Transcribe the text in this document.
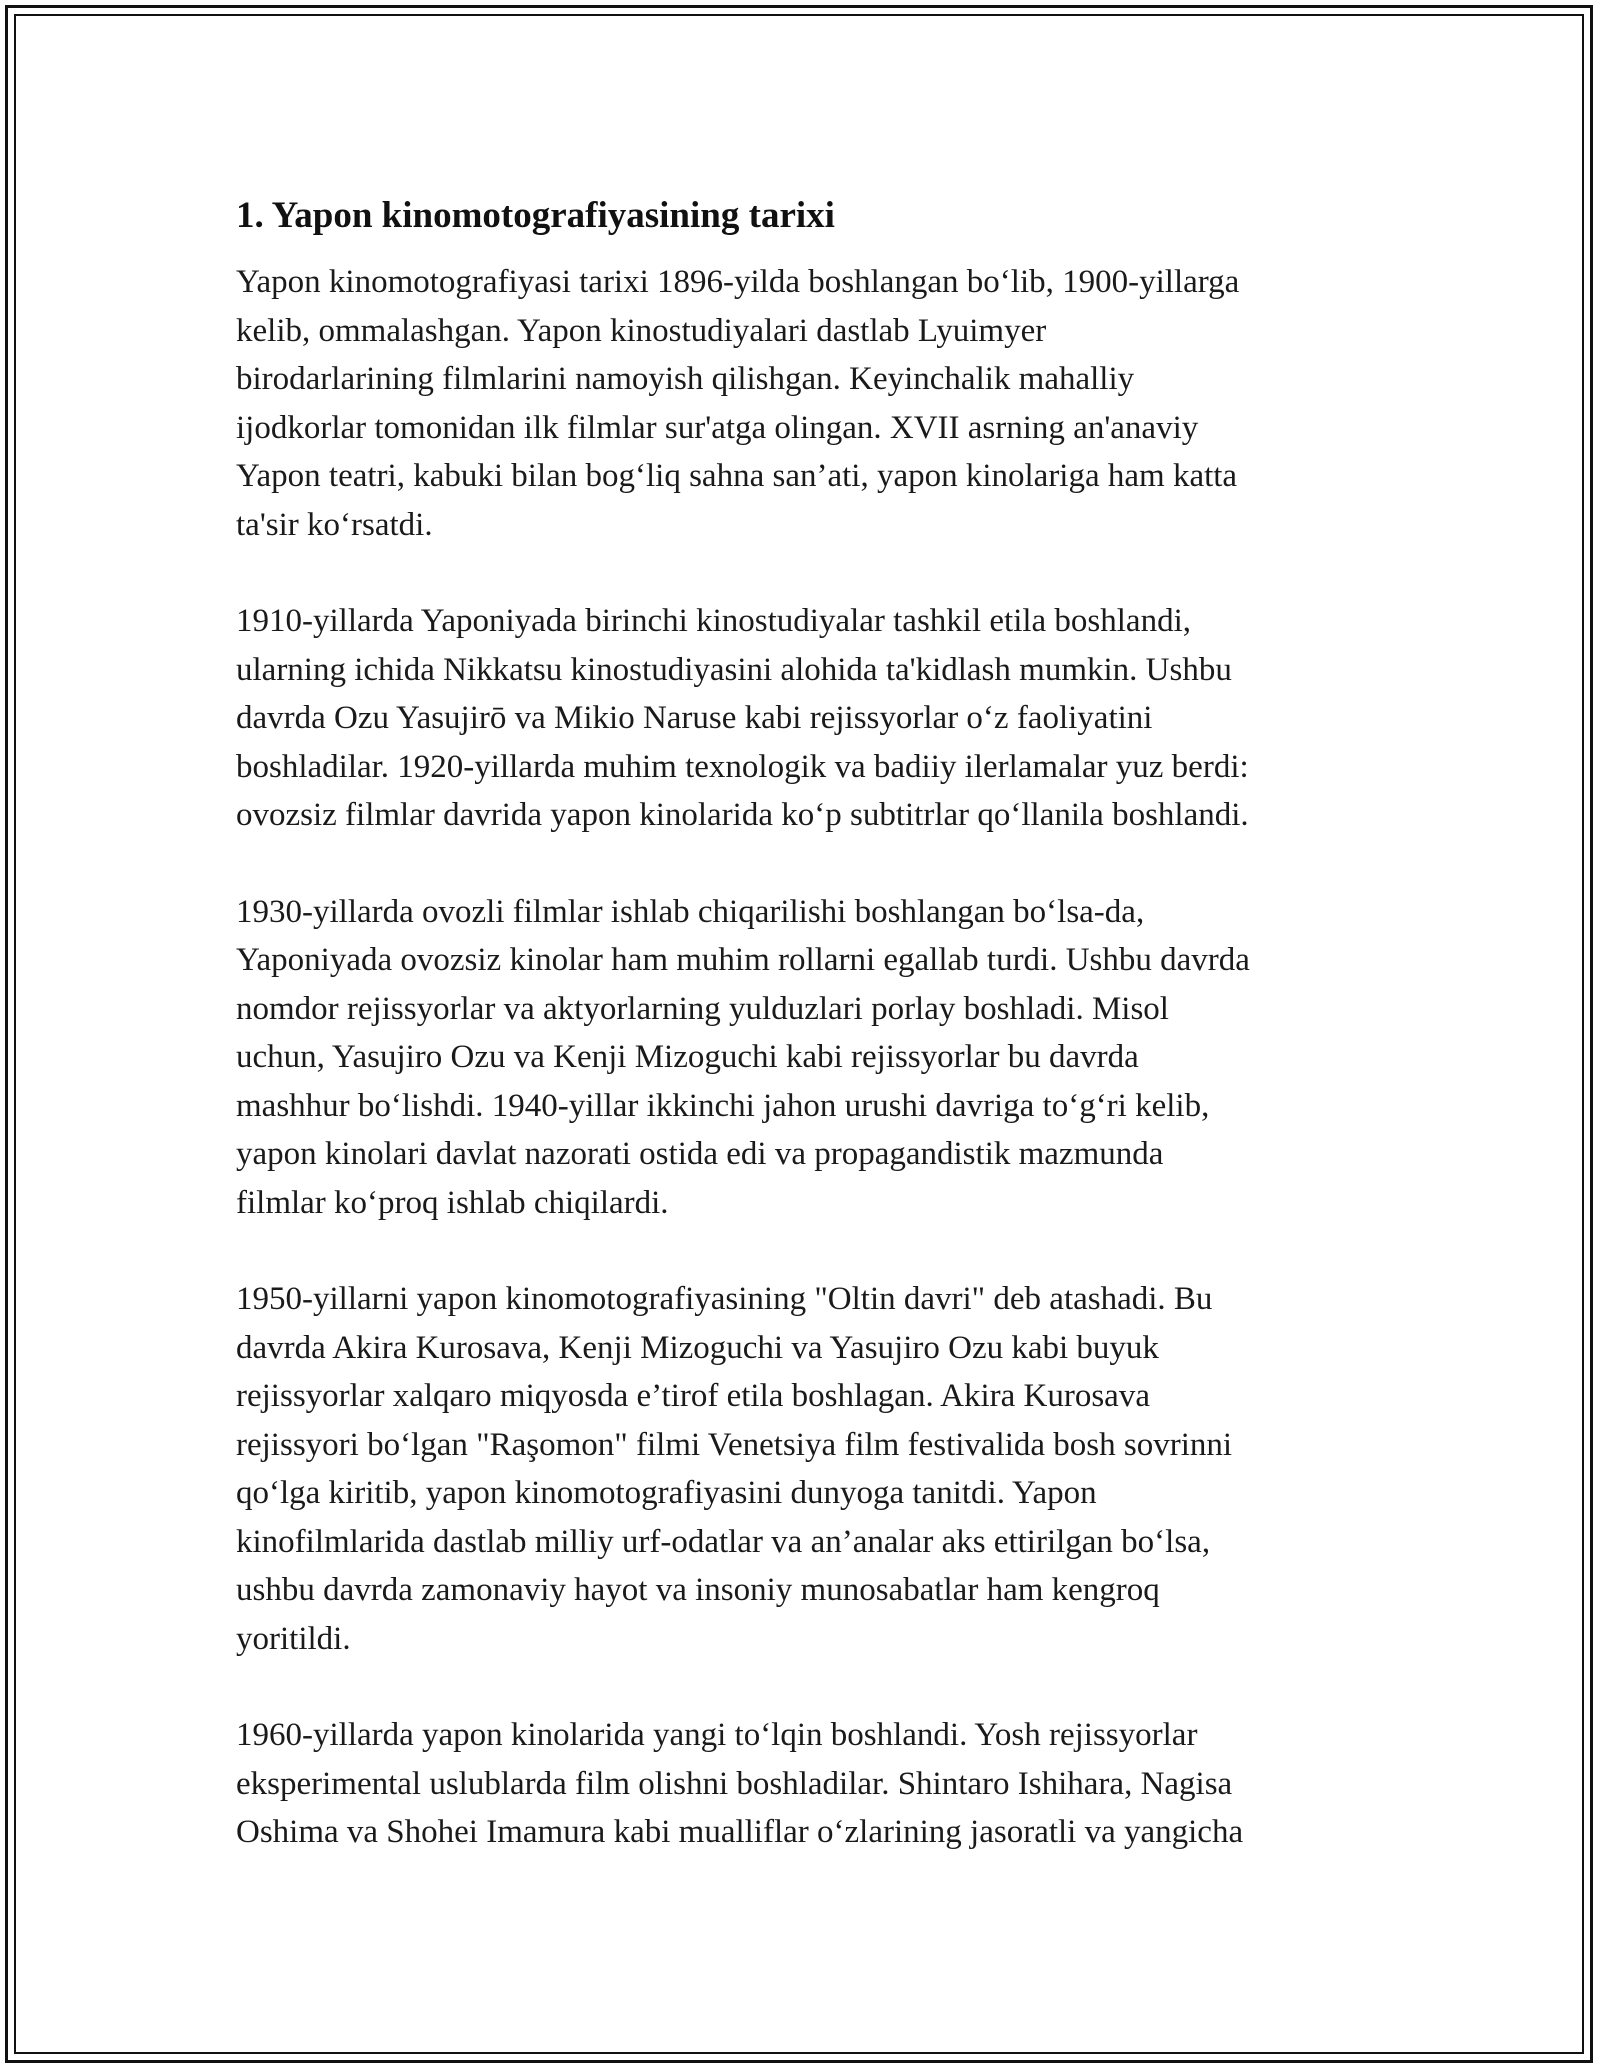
1. Yapon kinomotografiyasining tarixi

Yapon kinomotografiyasi tarixi 1896-yilda boshlangan boʻlib, 1900-yillarga
kelib, ommalashgan. Yapon kinostudiyalari dastlab Lyuimyer
birodarlarining filmlarini namoyish qilishgan. Keyinchalik mahalliy
ijodkorlar tomonidan ilk filmlar sur'atga olingan. XVII asrning an'anaviy
Yapon teatri, kabuki bilan bogʻliq sahna san’ati, yapon kinolariga ham katta
ta'sir koʻrsatdi.

1910-yillarda Yaponiyada birinchi kinostudiyalar tashkil etila boshlandi,
ularning ichida Nikkatsu kinostudiyasini alohida ta'kidlash mumkin. Ushbu
davrda Ozu Yasujirō va Mikio Naruse kabi rejissyorlar oʻz faoliyatini
boshladilar. 1920-yillarda muhim texnologik va badiiy ilerlamalar yuz berdi:
ovozsiz filmlar davrida yapon kinolarida koʻp subtitrlar qoʻllanila boshlandi.

1930-yillarda ovozli filmlar ishlab chiqarilishi boshlangan boʻlsa-da,
Yaponiyada ovozsiz kinolar ham muhim rollarni egallab turdi. Ushbu davrda
nomdor rejissyorlar va aktyorlarning yulduzlari porlay boshladi. Misol
uchun, Yasujiro Ozu va Kenji Mizoguchi kabi rejissyorlar bu davrda
mashhur boʻlishdi. 1940-yillar ikkinchi jahon urushi davriga toʻgʻri kelib,
yapon kinolari davlat nazorati ostida edi va propagandistik mazmunda
filmlar koʻproq ishlab chiqilardi.

1950-yillarni yapon kinomotografiyasining "Oltin davri" deb atashadi. Bu
davrda Akira Kurosava, Kenji Mizoguchi va Yasujiro Ozu kabi buyuk
rejissyorlar xalqaro miqyosda e’tirof etila boshlagan. Akira Kurosava
rejissyori boʻlgan "Raşomon" filmi Venetsiya film festivalida bosh sovrinni
qoʻlga kiritib, yapon kinomotografiyasini dunyoga tanitdi. Yapon
kinofilmlarida dastlab milliy urf-odatlar va an’analar aks ettirilgan boʻlsa,
ushbu davrda zamonaviy hayot va insoniy munosabatlar ham kengroq
yoritildi.

1960-yillarda yapon kinolarida yangi toʻlqin boshlandi. Yosh rejissyorlar
eksperimental uslublarda film olishni boshladilar. Shintaro Ishihara, Nagisa
Oshima va Shohei Imamura kabi mualliflar oʻzlarining jasoratli va yangicha
